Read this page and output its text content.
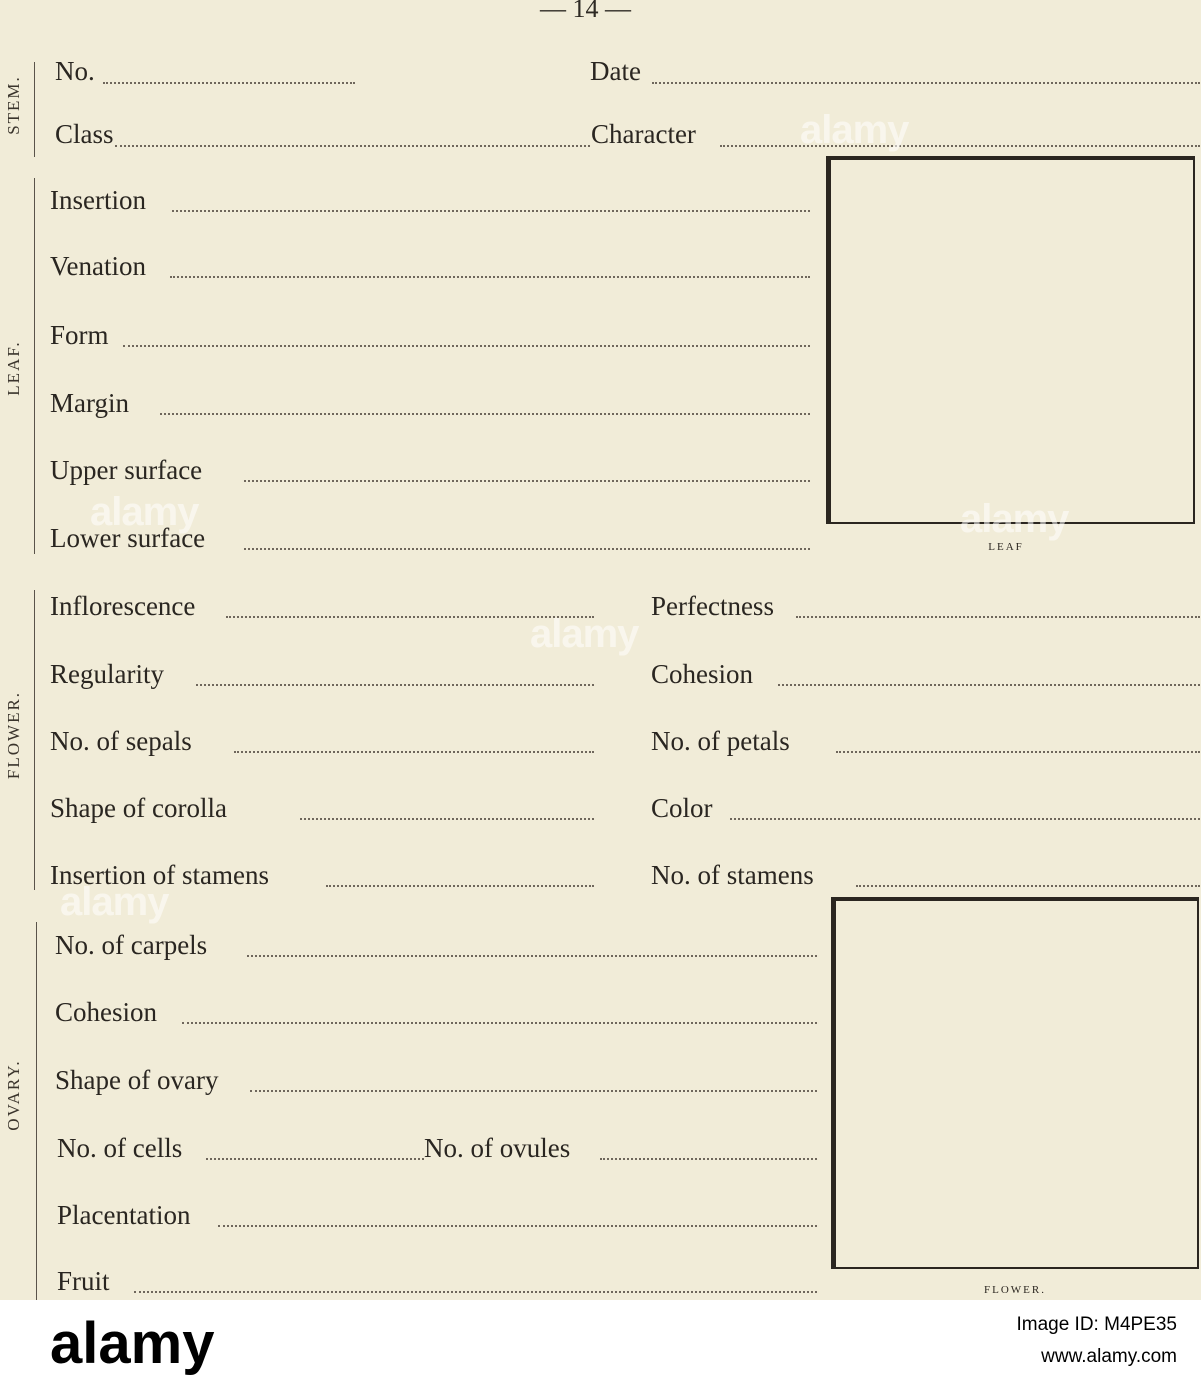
— 14 —
STEM.
No.	Date
Class	Character
LEAF.
Insertion
Venation
Form
Margin
Upper surface
Lower surface	LEAF
FLOWER.
Inflorescence	Perfectness
Regularity	Cohesion
No. of sepals	No. of petals
Shape of corolla	Color
Insertion of stamens	No. of stamens
OVARY.
No. of carpels
Cohesion
Shape of ovary
No. of cells	No. of ovules
Placentation
Fruit	FLOWER.
alamy
alamy
alamy
alamy
alamy
alamy	Image ID: M4PE35
www.alamy.com
